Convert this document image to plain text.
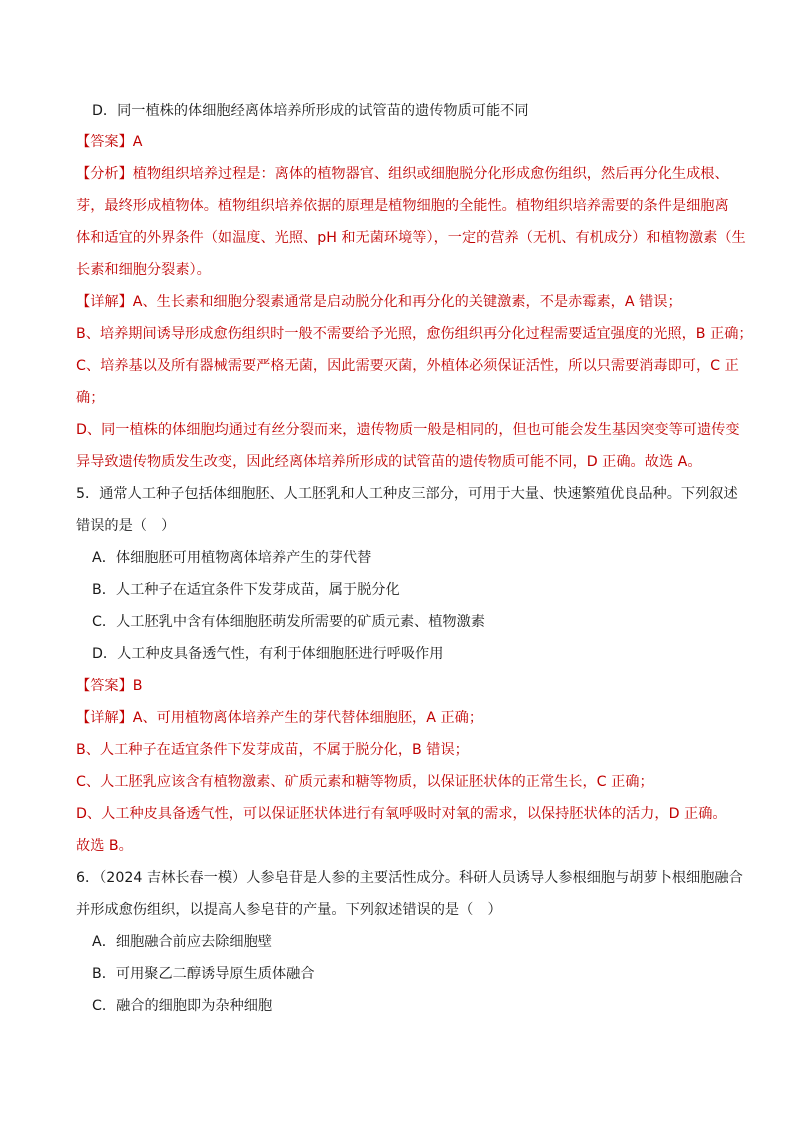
D．同一植株的体细胞经离体培养所形成的试管苗的遗传物质可能不同
【答案】A
【分析】植物组织培养过程是：离体的植物器官、组织或细胞脱分化形成愈伤组织，然后再分化生成根、
芽，最终形成植物体。植物组织培养依据的原理是植物细胞的全能性。植物组织培养需要的条件是细胞离
体和适宜的外界条件（如温度、光照、pH 和无菌环境等），一定的营养（无机、有机成分）和植物激素（生
长素和细胞分裂素）。
【详解】A、生长素和细胞分裂素通常是启动脱分化和再分化的关键激素，不是赤霉素，A 错误；
B、培养期间诱导形成愈伤组织时一般不需要给予光照，愈伤组织再分化过程需要适宜强度的光照，B 正确；
C、培养基以及所有器械需要严格无菌，因此需要灭菌，外植体必须保证活性，所以只需要消毒即可，C 正
确；
D、同一植株的体细胞均通过有丝分裂而来，遗传物质一般是相同的，但也可能会发生基因突变等可遗传变
异导致遗传物质发生改变，因此经离体培养所形成的试管苗的遗传物质可能不同，D 正确。故选 A。
5．通常人工种子包括体细胞胚、人工胚乳和人工种皮三部分，可用于大量、快速繁殖优良品种。下列叙述
错误的是（　）
A．体细胞胚可用植物离体培养产生的芽代替
B．人工种子在适宜条件下发芽成苗，属于脱分化
C．人工胚乳中含有体细胞胚萌发所需要的矿质元素、植物激素
D．人工种皮具备透气性，有利于体细胞胚进行呼吸作用
【答案】B
【详解】A、可用植物离体培养产生的芽代替体细胞胚，A 正确；
B、人工种子在适宜条件下发芽成苗，不属于脱分化，B 错误；
C、人工胚乳应该含有植物激素、矿质元素和糖等物质，以保证胚状体的正常生长，C 正确；
D、人工种皮具备透气性，可以保证胚状体进行有氧呼吸时对氧的需求，以保持胚状体的活力，D 正确。
故选 B。
6．（2024 吉林长春一模）人参皂苷是人参的主要活性成分。科研人员诱导人参根细胞与胡萝卜根细胞融合
并形成愈伤组织，以提高人参皂苷的产量。下列叙述错误的是（　）
A．细胞融合前应去除细胞壁
B．可用聚乙二醇诱导原生质体融合
C．融合的细胞即为杂种细胞
